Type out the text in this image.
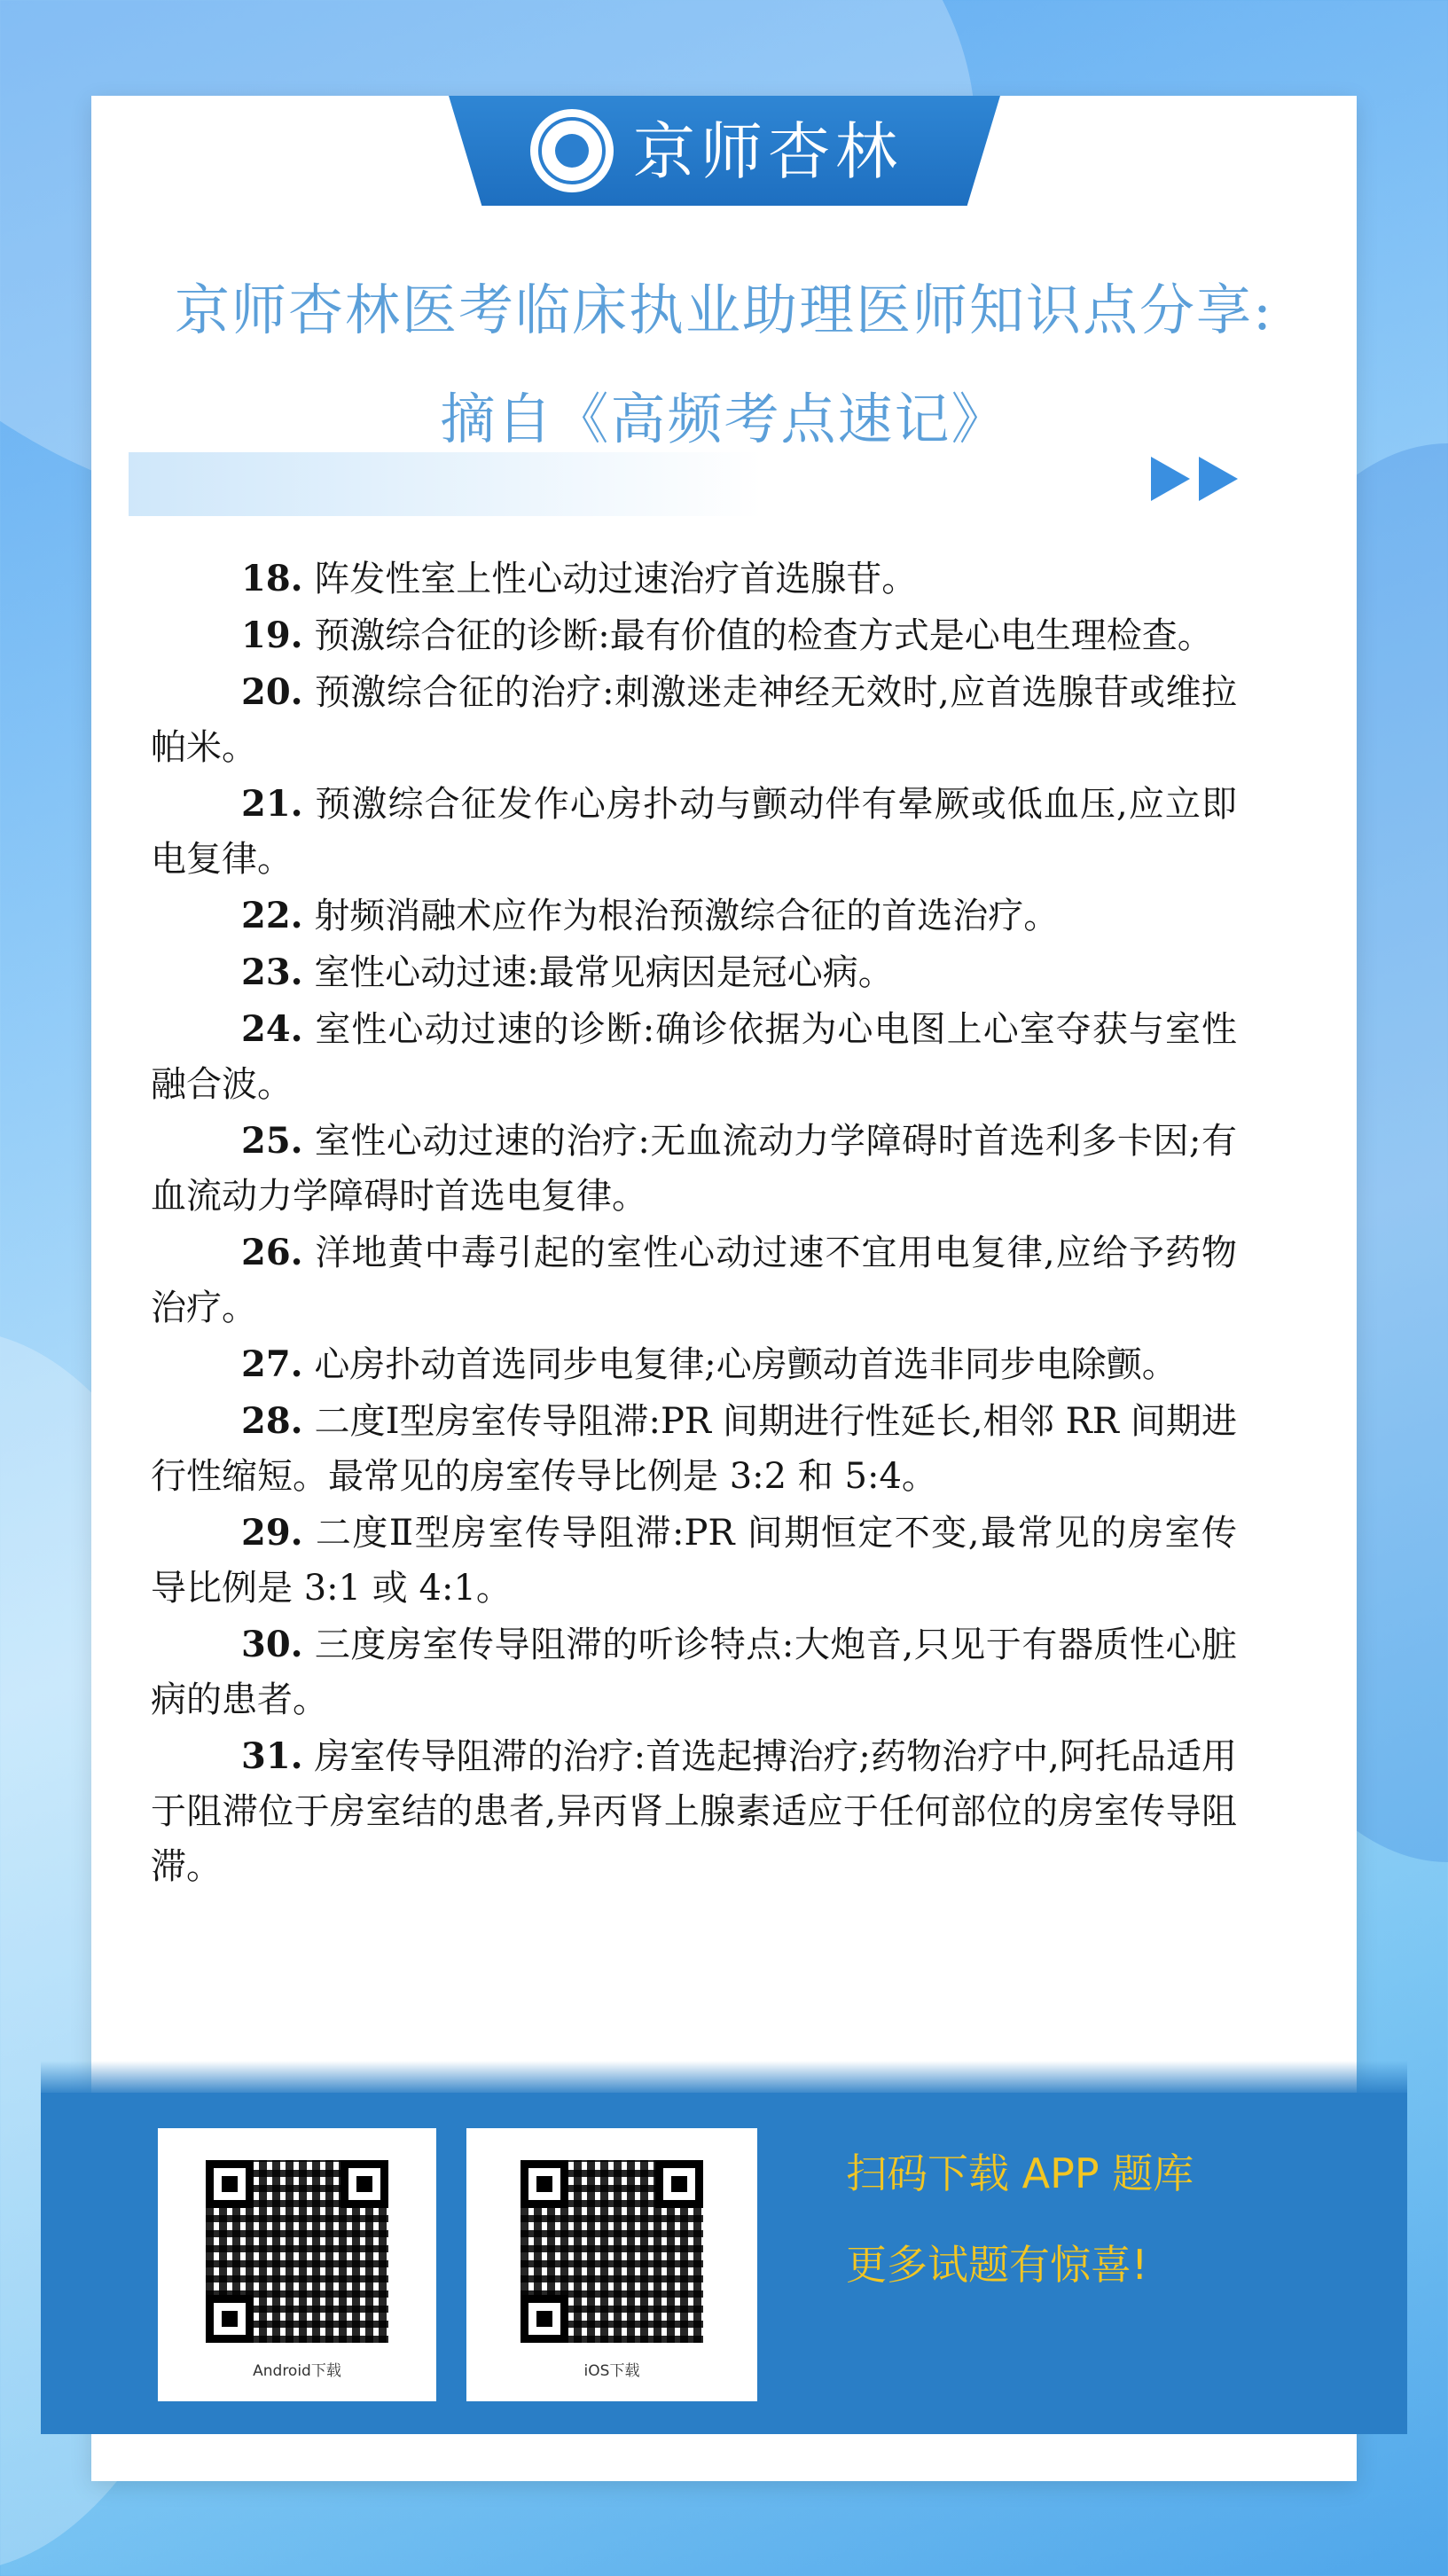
京师杏林
京师杏林医考临床执业助理医师知识点分享:
摘自《高频考点速记》

18. 阵发性室上性心动过速治疗首选腺苷。

19. 预激综合征的诊断:最有价值的检查方式是心电生理检查。

20. 预激综合征的治疗:刺激迷走神经无效时,应首选腺苷或维拉帕米。

21. 预激综合征发作心房扑动与颤动伴有晕厥或低血压,应立即电复律。

22. 射频消融术应作为根治预激综合征的首选治疗。

23. 室性心动过速:最常见病因是冠心病。

24. 室性心动过速的诊断:确诊依据为心电图上心室夺获与室性融合波。

25. 室性心动过速的治疗:无血流动力学障碍时首选利多卡因;有血流动力学障碍时首选电复律。

26. 洋地黄中毒引起的室性心动过速不宜用电复律,应给予药物治疗。

27. 心房扑动首选同步电复律;心房颤动首选非同步电除颤。

28. 二度Ⅰ型房室传导阻滞:PR 间期进行性延长,相邻 RR 间期进行性缩短。最常见的房室传导比例是 3:2 和 5:4。

29. 二度Ⅱ型房室传导阻滞:PR 间期恒定不变,最常见的房室传导比例是 3:1 或 4:1。

30. 三度房室传导阻滞的听诊特点:大炮音,只见于有器质性心脏病的患者。

31. 房室传导阻滞的治疗:首选起搏治疗;药物治疗中,阿托品适用于阻滞位于房室结的患者,异丙肾上腺素适应于任何部位的房室传导阻滞。

Android下载	iOS下载
扫码下载 APP 题库
更多试题有惊喜!
